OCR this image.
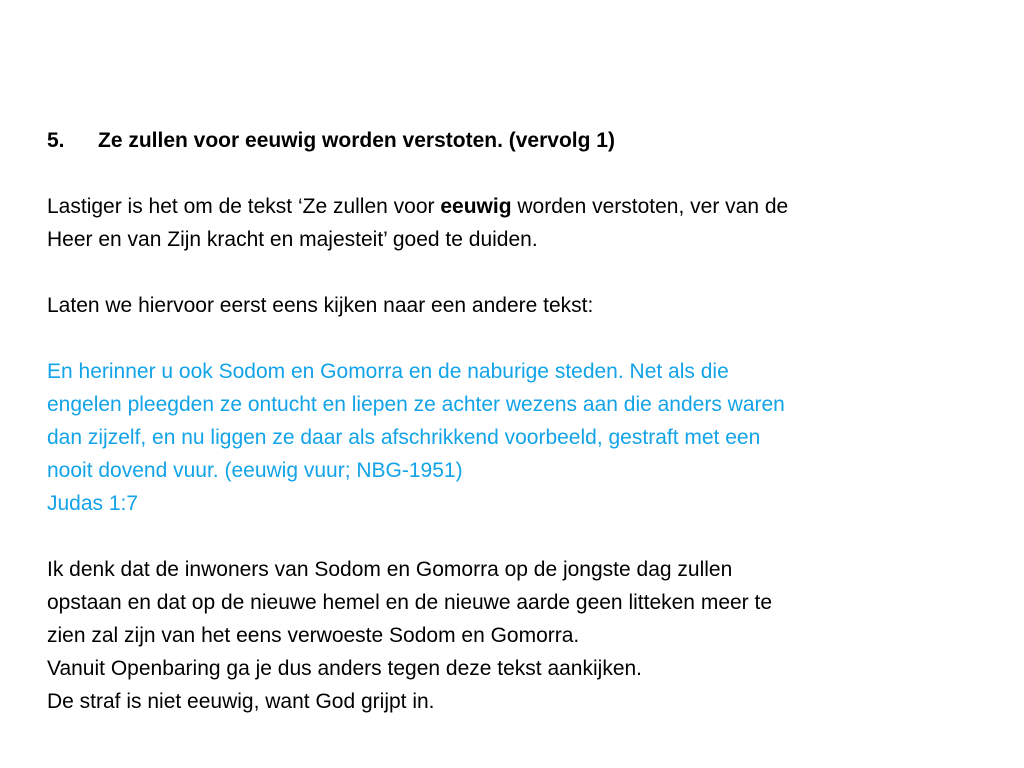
5.	Ze zullen voor eeuwig worden verstoten. (vervolg 1)

Lastiger is het om de tekst ‘Ze zullen voor eeuwig worden verstoten, ver van de
Heer en van Zijn kracht en majesteit’ goed te duiden.

Laten we hiervoor eerst eens kijken naar een andere tekst:

En herinner u ook Sodom en Gomorra en de naburige steden. Net als die
engelen pleegden ze ontucht en liepen ze achter wezens aan die anders waren
dan zijzelf, en nu liggen ze daar als afschrikkend voorbeeld, gestraft met een
nooit dovend vuur. (eeuwig vuur; NBG-1951)
Judas 1:7

Ik denk dat de inwoners van Sodom en Gomorra op de jongste dag zullen
opstaan en dat op de nieuwe hemel en de nieuwe aarde geen litteken meer te
zien zal zijn van het eens verwoeste Sodom en Gomorra.
Vanuit Openbaring ga je dus anders tegen deze tekst aankijken.
De straf is niet eeuwig, want God grijpt in.
